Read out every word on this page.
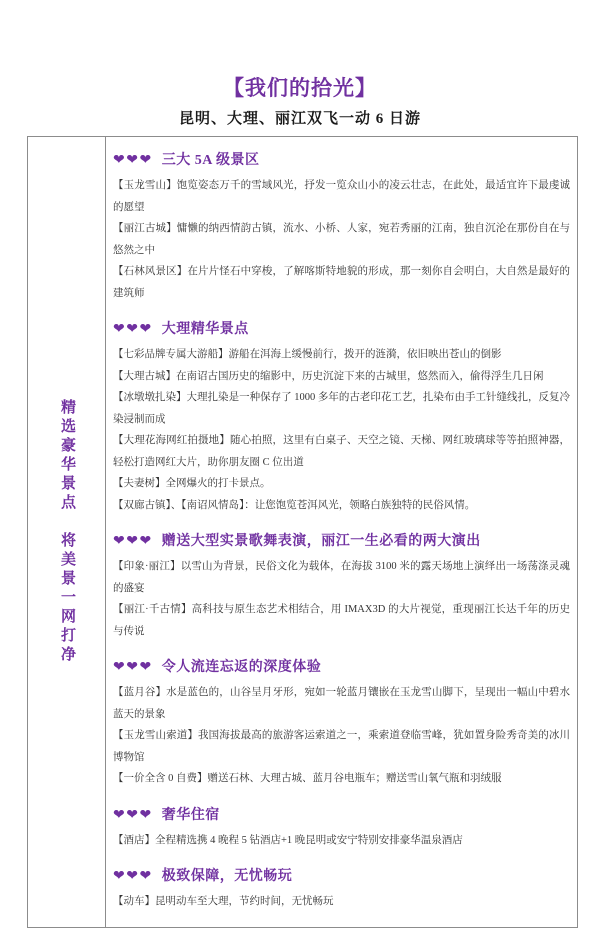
【我们的拾光】
昆明、大理、丽江双飞一动 6 日游
精选豪华景点　将美景一网打净
❤❤❤ 三大 5A 级景区

【玉龙雪山】饱览姿态万千的雪域风光，抒发一览众山小的凌云壮志，在此处，最适宜许下最虔诚的愿望

【丽江古城】慵懒的纳西情韵古镇，流水、小桥、人家，宛若秀丽的江南，独自沉沦在那份自在与悠然之中

【石林风景区】在片片怪石中穿梭，了解喀斯特地貌的形成，那一刻你自会明白，大自然是最好的建筑师

❤❤❤ 大理精华景点

【七彩品牌专属大游船】游船在洱海上缓慢前行，拨开的涟漪，依旧映出苍山的倒影

【大理古城】在南诏古国历史的缩影中，历史沉淀下来的古城里，悠然而入，偷得浮生几日闲

【冰墩墩扎染】大理扎染是一种保存了 1000 多年的古老印花工艺，扎染布由手工针缝线扎，反复冷染浸制而成

【大理花海网红拍摄地】随心拍照，这里有白桌子、天空之镜、天梯、网红玻璃球等等拍照神器，轻松打造网红大片，助你朋友圈 C 位出道

【夫妻树】全网爆火的打卡景点。

【双廊古镇】、【南诏风情岛】：让您饱览苍洱风光，领略白族独特的民俗风情。

❤❤❤ 赠送大型实景歌舞表演，丽江一生必看的两大演出

【印象·丽江】以雪山为背景，民俗文化为载体，在海拔 3100 米的露天场地上演绎出一场荡涤灵魂的盛宴

【丽江·千古情】高科技与原生态艺术相结合，用 IMAX3D 的大片视觉，重现丽江长达千年的历史与传说

❤❤❤ 令人流连忘返的深度体验

【蓝月谷】水是蓝色的，山谷呈月牙形，宛如一轮蓝月镶嵌在玉龙雪山脚下，呈现出一幅山中碧水蓝天的景象

【玉龙雪山索道】我国海拔最高的旅游客运索道之一，乘索道登临雪峰，犹如置身险秀奇美的冰川博物馆

【一价全含 0 自费】赠送石林、大理古城、蓝月谷电瓶车；赠送雪山氧气瓶和羽绒服

❤❤❤ 奢华住宿

【酒店】全程精选携 4 晚程 5 钻酒店+1 晚昆明或安宁特别安排豪华温泉酒店

❤❤❤ 极致保障，无忧畅玩

【动车】昆明动车至大理，节约时间，无忧畅玩
